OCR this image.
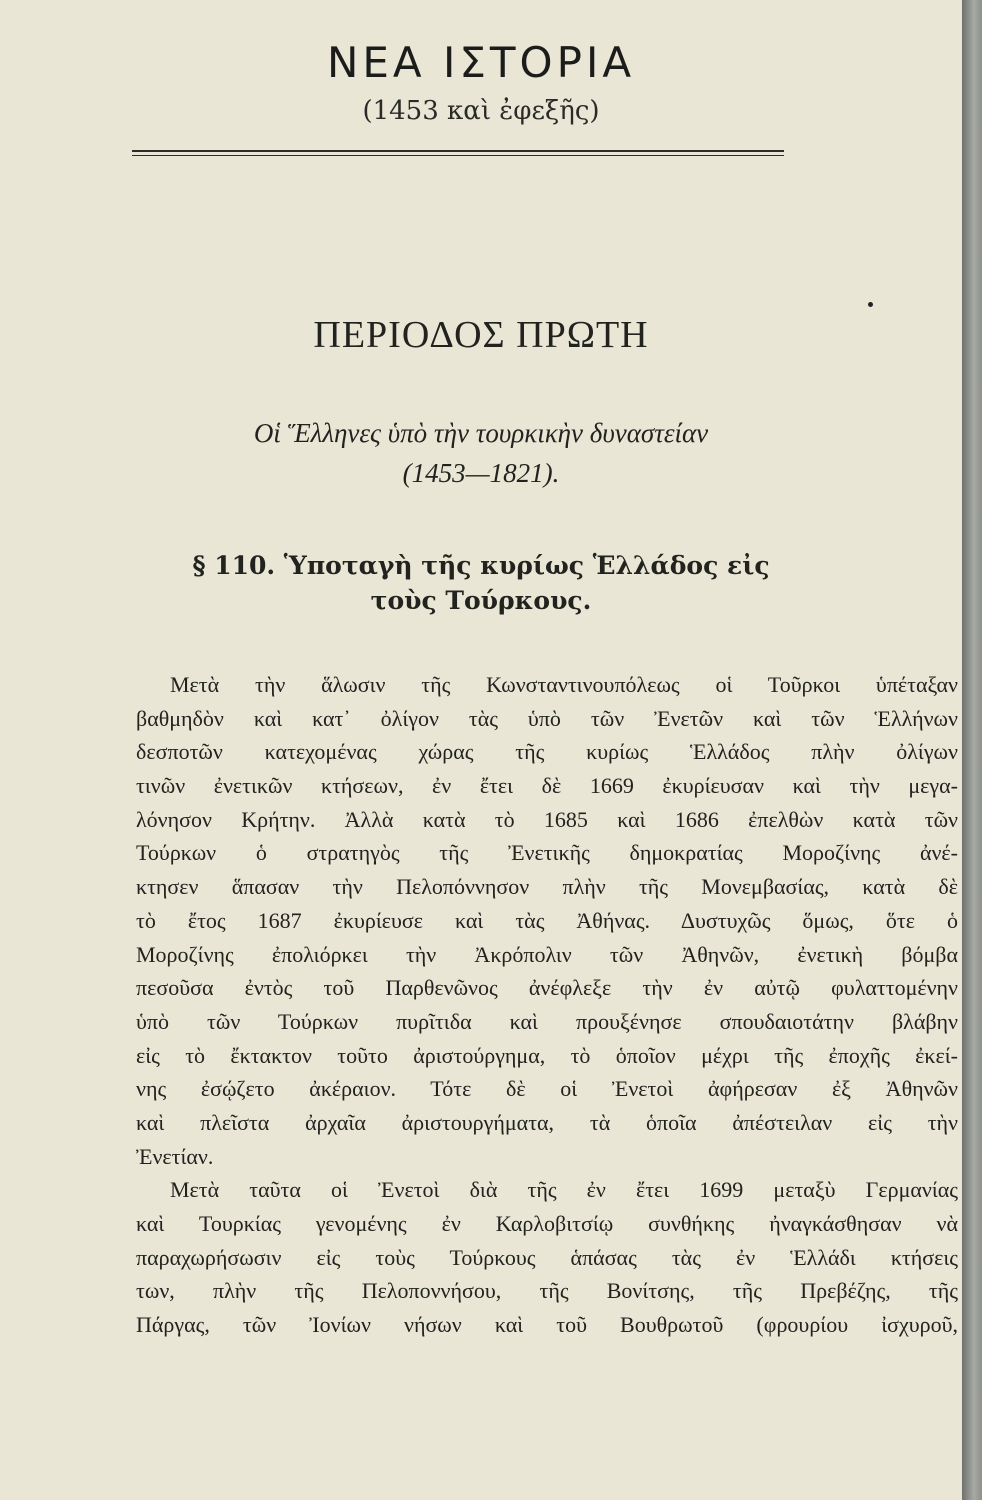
ΝΕΑ ΙΣΤΟΡΙΑ
(1453 καὶ ἐφεξῆς)
ΠΕΡΙΟΔΟΣ ΠΡΩΤΗ
Οἱ Ἕλληνες ὑπὸ τὴν τουρκικὴν δυναστείαν
(1453—1821).
§ 110. Ὑποταγὴ τῆς κυρίως Ἑλλάδος εἰς
τοὺς Τούρκους.
Μετὰ τὴν ἅλωσιν τῆς Κωνσταντινουπόλεως οἱ Τοῦρκοι ὑπέταξαν
βαθμηδὸν καὶ κατ᾽ ὀλίγον τὰς ὑπὸ τῶν Ἐνετῶν καὶ τῶν Ἑλλήνων
δεσποτῶν κατεχομένας χώρας τῆς κυρίως Ἑλλάδος πλὴν ὀλίγων
τινῶν ἐνετικῶν κτήσεων, ἐν ἔτει δὲ 1669 ἐκυρίευσαν καὶ τὴν μεγα-
λόνησον Κρήτην. Ἀλλὰ κατὰ τὸ 1685 καὶ 1686 ἐπελθὼν κατὰ τῶν
Τούρκων ὁ στρατηγὸς τῆς Ἐνετικῆς δημοκρατίας Μοροζίνης ἀνέ-
κτησεν ἅπασαν τὴν Πελοπόννησον πλὴν τῆς Μονεμβασίας, κατὰ δὲ
τὸ ἔτος 1687 ἐκυρίευσε καὶ τὰς Ἀθήνας. Δυστυχῶς ὅμως, ὅτε ὁ
Μοροζίνης ἐπολιόρκει τὴν Ἀκρόπολιν τῶν Ἀθηνῶν, ἐνετικὴ βόμβα
πεσοῦσα ἐντὸς τοῦ Παρθενῶνος ἀνέφλεξε τὴν ἐν αὐτῷ φυλαττομένην
ὑπὸ τῶν Τούρκων πυρῖτιδα καὶ προυξένησε σπουδαιοτάτην βλάβην
εἰς τὸ ἔκτακτον τοῦτο ἀριστούργημα, τὸ ὁποῖον μέχρι τῆς ἐποχῆς ἐκεί-
νης ἐσῴζετο ἀκέραιον. Τότε δὲ οἱ Ἐνετοὶ ἀφήρεσαν ἐξ Ἀθηνῶν
καὶ πλεῖστα ἀρχαῖα ἀριστουργήματα, τὰ ὁποῖα ἀπέστειλαν εἰς τὴν
Ἐνετίαν.
Μετὰ ταῦτα οἱ Ἐνετοὶ διὰ τῆς ἐν ἔτει 1699 μεταξὺ Γερμανίας
καὶ Τουρκίας γενομένης ἐν Καρλοβιτσίῳ συνθήκης ἠναγκάσθησαν νὰ
παραχωρήσωσιν εἰς τοὺς Τούρκους ἁπάσας τὰς ἐν Ἑλλάδι κτήσεις
των, πλὴν τῆς Πελοποννήσου, τῆς Βονίτσης, τῆς Πρεβέζης, τῆς
Πάργας, τῶν Ἰονίων νήσων καὶ τοῦ Βουθρωτοῦ (φρουρίου ἰσχυροῦ,
